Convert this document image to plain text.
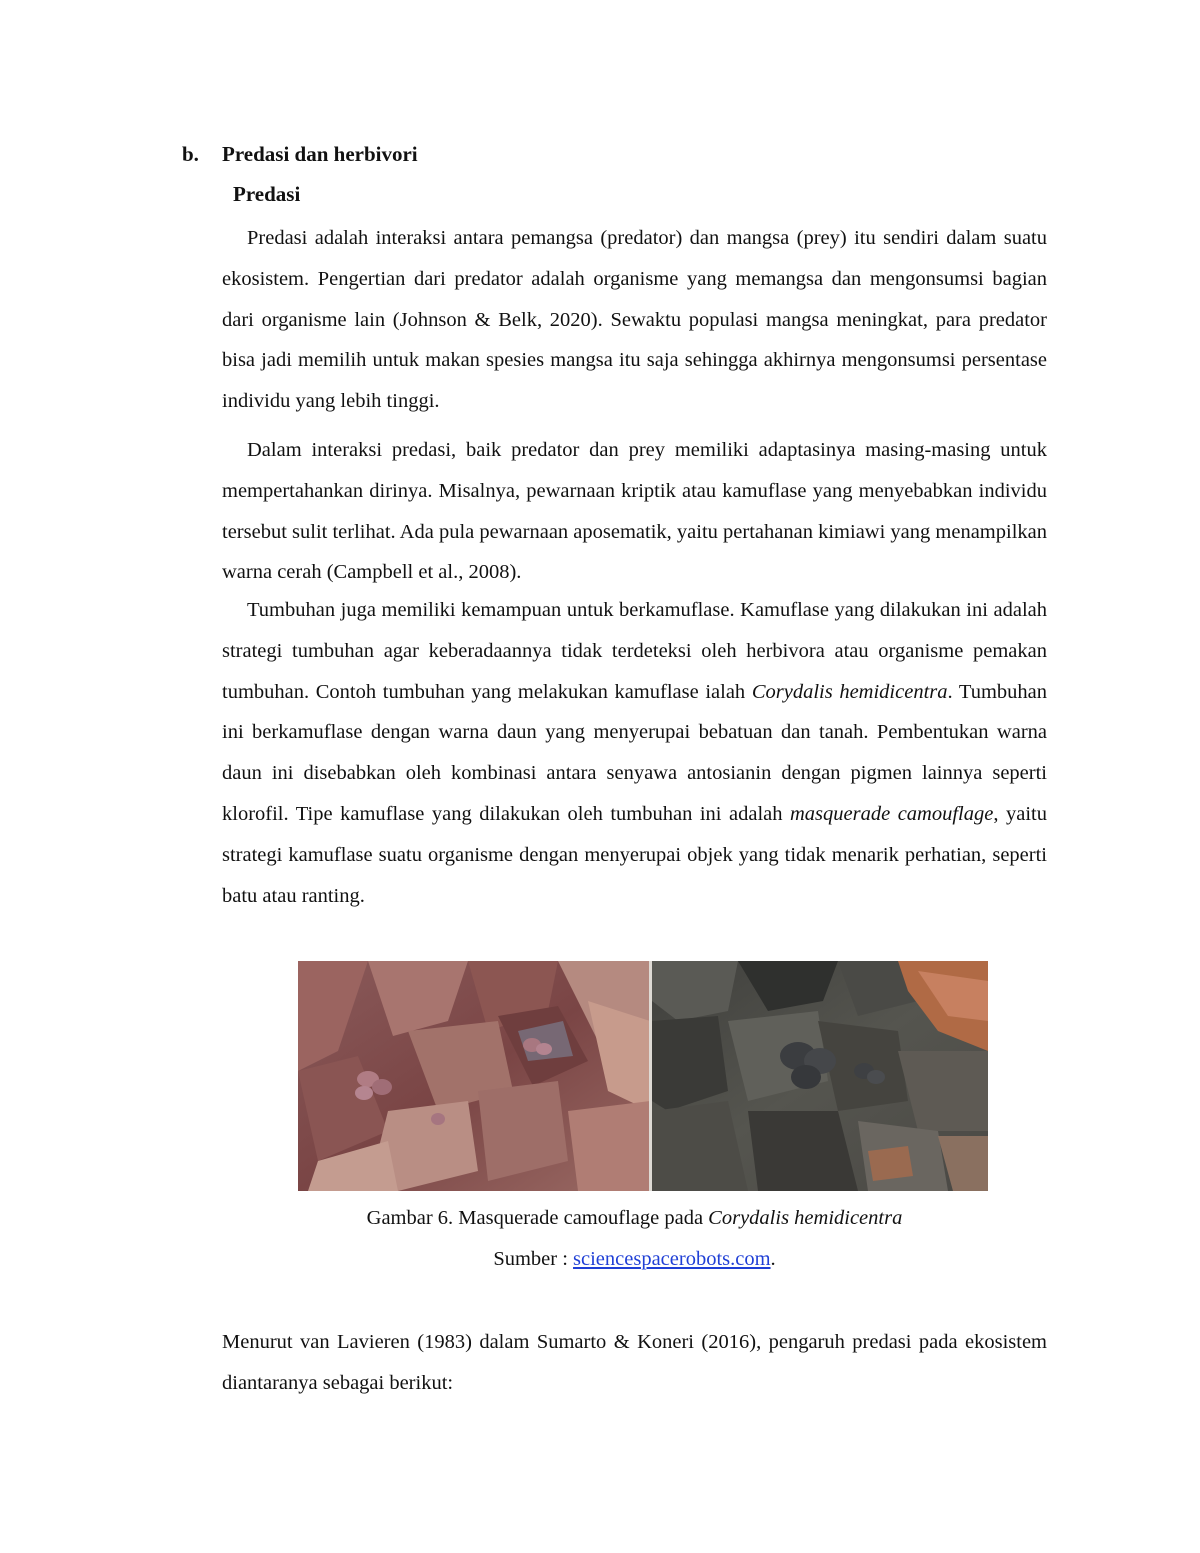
b. Predasi dan herbivori
Predasi

Predasi adalah interaksi antara pemangsa (predator) dan mangsa (prey) itu sendiri dalam suatu ekosistem. Pengertian dari predator adalah organisme yang memangsa dan mengonsumsi bagian dari organisme lain (Johnson & Belk, 2020). Sewaktu populasi mangsa meningkat, para predator bisa jadi memilih untuk makan spesies mangsa itu saja sehingga akhirnya mengonsumsi persentase individu yang lebih tinggi.

Dalam interaksi predasi, baik predator dan prey memiliki adaptasinya masing-masing untuk mempertahankan dirinya. Misalnya, pewarnaan kriptik atau kamuflase yang menyebabkan individu tersebut sulit terlihat. Ada pula pewarnaan aposematik, yaitu pertahanan kimiawi yang menampilkan warna cerah (Campbell et al., 2008).

Tumbuhan juga memiliki kemampuan untuk berkamuflase. Kamuflase yang dilakukan ini adalah strategi tumbuhan agar keberadaannya tidak terdeteksi oleh herbivora atau organisme pemakan tumbuhan. Contoh tumbuhan yang melakukan kamuflase ialah Corydalis hemidicentra. Tumbuhan ini berkamuflase dengan warna daun yang menyerupai bebatuan dan tanah. Pembentukan warna daun ini disebabkan oleh kombinasi antara senyawa antosianin dengan pigmen lainnya seperti klorofil. Tipe kamuflase yang dilakukan oleh tumbuhan ini adalah masquerade camouflage, yaitu strategi kamuflase suatu organisme dengan menyerupai objek yang tidak menarik perhatian, seperti batu atau ranting.

Gambar 6. Masquerade camouflage pada Corydalis hemidicentra
Sumber : sciencespacerobots.com.

Menurut van Lavieren (1983) dalam Sumarto & Koneri (2016), pengaruh predasi pada ekosistem diantaranya sebagai berikut:
